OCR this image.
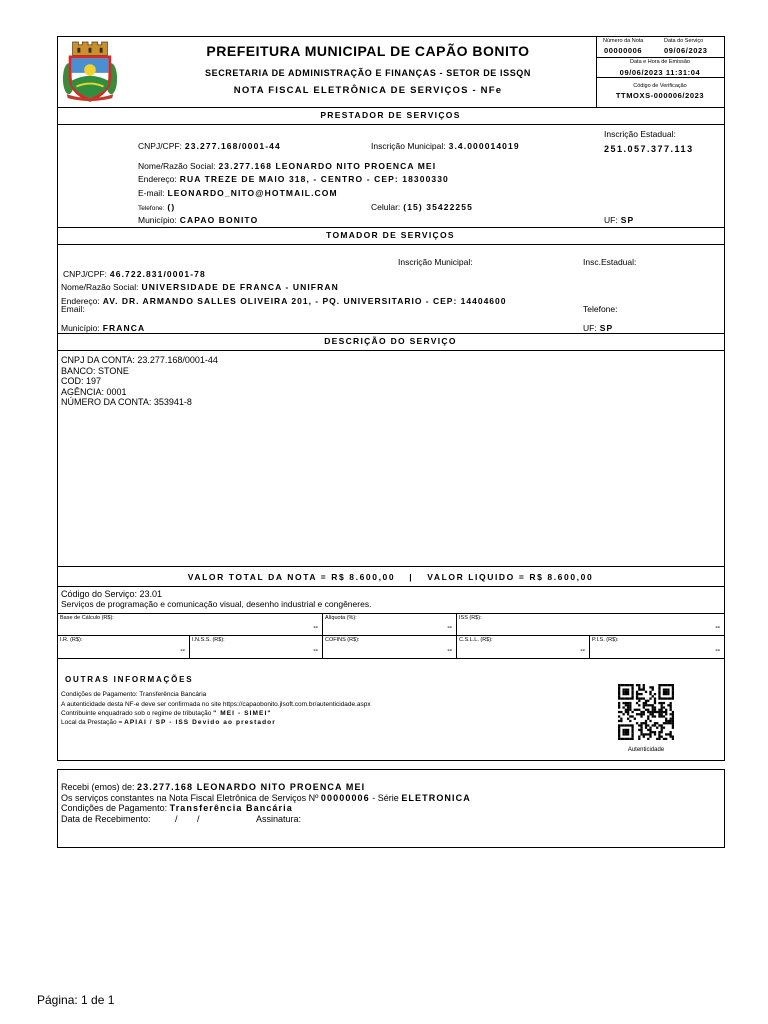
PREFEITURA MUNICIPAL DE CAPÃO BONITO
SECRETARIA DE ADMINISTRAÇÃO E FINANÇAS - SETOR DE ISSQN
NOTA FISCAL ELETRÔNICA DE SERVIÇOS - NFe
Número da Nota	Data do Serviço
00000006	09/06/2023
Data e Hora de Emissão
09/06/2023 11:31:04
Código de Verificação
TTMOXS-000006/2023
PRESTADOR DE SERVIÇOS
CNPJ/CPF: 23.277.168/0001-44	Inscrição Municipal: 3.4.000014019
Inscrição Estadual:
251.057.377.113
Nome/Razão Social: 23.277.168 LEONARDO NITO PROENCA MEI
Endereço: RUA TREZE DE MAIO 318, - CENTRO - CEP: 18300330
E-mail: LEONARDO_NITO@HOTMAIL.COM
Telefone: ()	Celular: (15) 35422255
Município: CAPAO BONITO	UF: SP
TOMADOR DE SERVIÇOS
Inscrição Municipal:	Insc.Estadual:
CNPJ/CPF: 46.722.831/0001-78
Nome/Razão Social: UNIVERSIDADE DE FRANCA - UNIFRAN
Endereço: AV. DR. ARMANDO SALLES OLIVEIRA 201, - PQ. UNIVERSITARIO - CEP: 14404600
Email:	Telefone:
Município: FRANCA	UF: SP
DESCRIÇÃO DO SERVIÇO
CNPJ DA CONTA: 23.277.168/0001-44
BANCO: STONE
COD: 197
AGÊNCIA: 0001
NÚMERO DA CONTA: 353941-8
VALOR TOTAL DA NOTA = R$ 8.600,00 | VALOR LIQUIDO = R$ 8.600,00
Código do Serviço: 23.01
Serviços de programação e comunicação visual, desenho industrial e congêneres.
Base de Cálculo (R$):
--
Alíquota (%):
--
ISS (R$):
--
I.R. (R$):
--
I.N.S.S. (R$):
--
COFINS (R$):
--
C.S.L.L. (R$):
--
P.I.S. (R$):
--
OUTRAS INFORMAÇÕES
Condições de Pagamento: Transferência Bancária
A autenticidade desta NF-e deve ser confirmada no site https://capaobonito.jlsoft.com.br/autenticidade.aspx
Contribuinte enquadrado sob o regime de tributação " MEI - SIMEI"
Local da Prestação = APIAI / SP - ISS Devido ao prestador
Autenticidade
Recebi (emos) de: 23.277.168 LEONARDO NITO PROENCA MEI
Os serviços constantes na Nota Fiscal Eletrônica de Serviços Nº 00000006 - Série ELETRONICA
Condições de Pagamento: Transferência Bancária
Data de Recebimento:	/ /	Assinatura:
Página: 1 de 1
